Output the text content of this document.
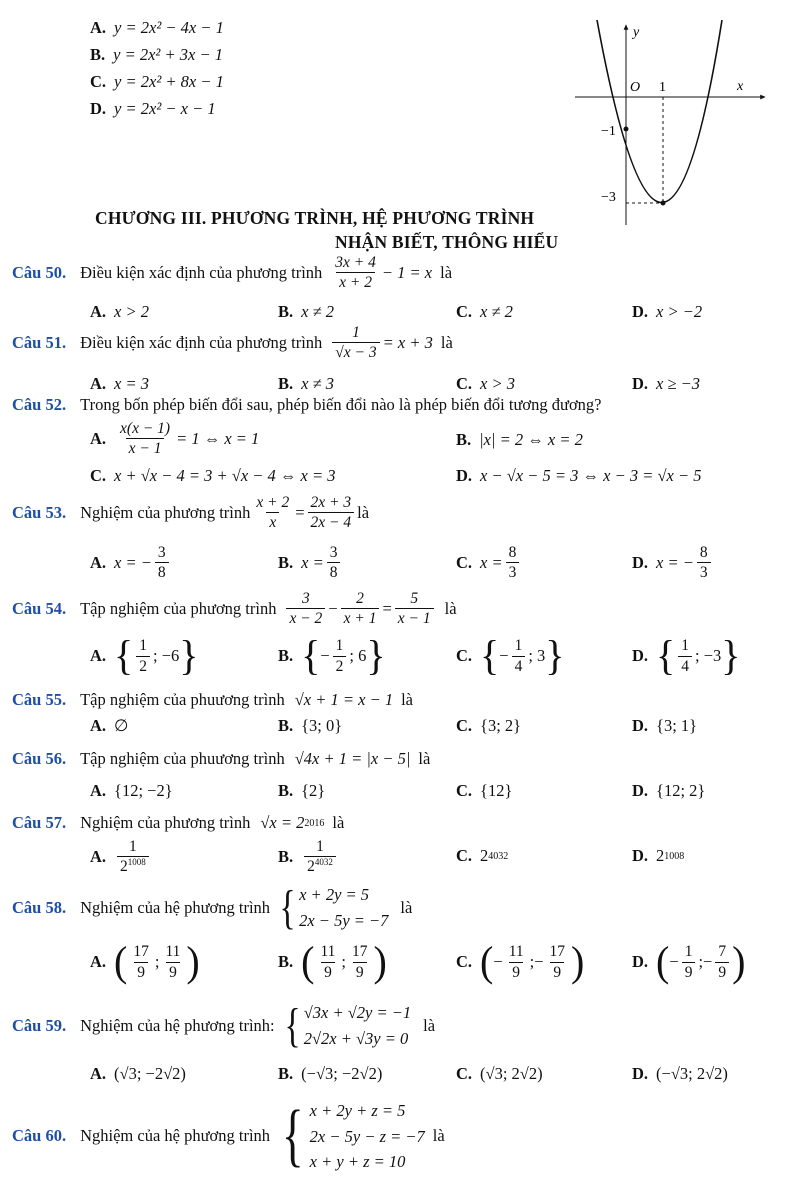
A. y = 2x² − 4x − 1
B. y = 2x² + 3x − 1
C. y = 2x² + 8x − 1
D. y = 2x² − x − 1
y
x
O 1
−1
−3
CHƯƠNG III. PHƯƠNG TRÌNH, HỆ PHƯƠNG TRÌNH
NHẬN BIẾT, THÔNG HIỂU
Câu 50. Điều kiện xác định của phương trình $\frac{3x + 4}{x + 2} - 1 = x$ là
A. x > 2	B. x ≠ 2	C. x ≠ 2	D. x > −2
Câu 51. Điều kiện xác định của phương trình $\frac{1}{√x - 3} = x + 3$ là
A. x = 3	B. x ≠ 3	C. x > 3	D. x ≥ −3
Câu 52. Trong bốn phép biến đổi sau, phép biến đổi nào là phép biến đổi tương đương?
A. $\frac{x(x - 1)}{x - 1} = 1$ ⇔ x = 1	B. |x| = 2 ⇔ x = 2
C. x + √x − 4 = 3 + √x − 4 ⇔ x = 3	D. x − √x − 5 = 3 ⇔ x − 3 = √x − 5
Câu 53. Nghiệm của phương trình $\frac{x + 2}{x} = \frac{2x + 3}{2x - 4}$ là
A. x = − $\frac{3}{8}$	B. $x = \frac{3}{8}$	C. $x = \frac{8}{3}$	D. x = − $\frac{8}{3}$
Câu 54. Tập nghiệm của phương trình $\frac{3}{x - 2} - \frac{2}{x + 1} = \frac{5}{x - 1}$ là
A. { $\frac{1}{2}$ ; −6 }	B. { − $\frac{1}{2}$ ; 6 }	C. { − $\frac{1}{4}$ ; 3 }	D. { $\frac{1}{4}$ ; −3 }
Câu 55. Tập nghiệm của phuương trình √x + 1 = x − 1 là
A. ∅	B. {3; 0}	C. {3; 2}	D. {3; 1}
Câu 56. Tập nghiệm của phuương trình √4x + 1 = |x − 5| là
A. {12; −2}	B. {2}	C. {12}	D. {12; 2}
Câu 57. Nghiệm của phương trình √x = 2 2016 là
A. $\frac{1}{2^{1008}}$	B. $\frac{1}{2^{4032}}$	C. 2 4032	D. 2 1008
Câu 58. Nghiệm của hệ phương trình { x + 2y = 5
2x − 5y = −7
là
A. ( $\frac{17}{9}$ ; $\frac{11}{9}$ )	B. ( $\frac{11}{9}$ ; $\frac{17}{9}$ )	C. ( − $\frac{11}{9}$ ;− $\frac{17}{9}$ )	D. ( − $\frac{1}{9}$ ;− $\frac{7}{9}$ )
Câu 59. Nghiệm của hệ phương trình: { √3x + √2y = −1
2√2x + √3y = 0
là
A. (√3; −2√2)	B. (−√3; −2√2)	C. (√3; 2√2)	D. (−√3; 2√2)
Câu 60. Nghiệm của hệ phương trình { x + 2y + z = 5
2x − 5y − z = −7
x + y + z = 10
là
